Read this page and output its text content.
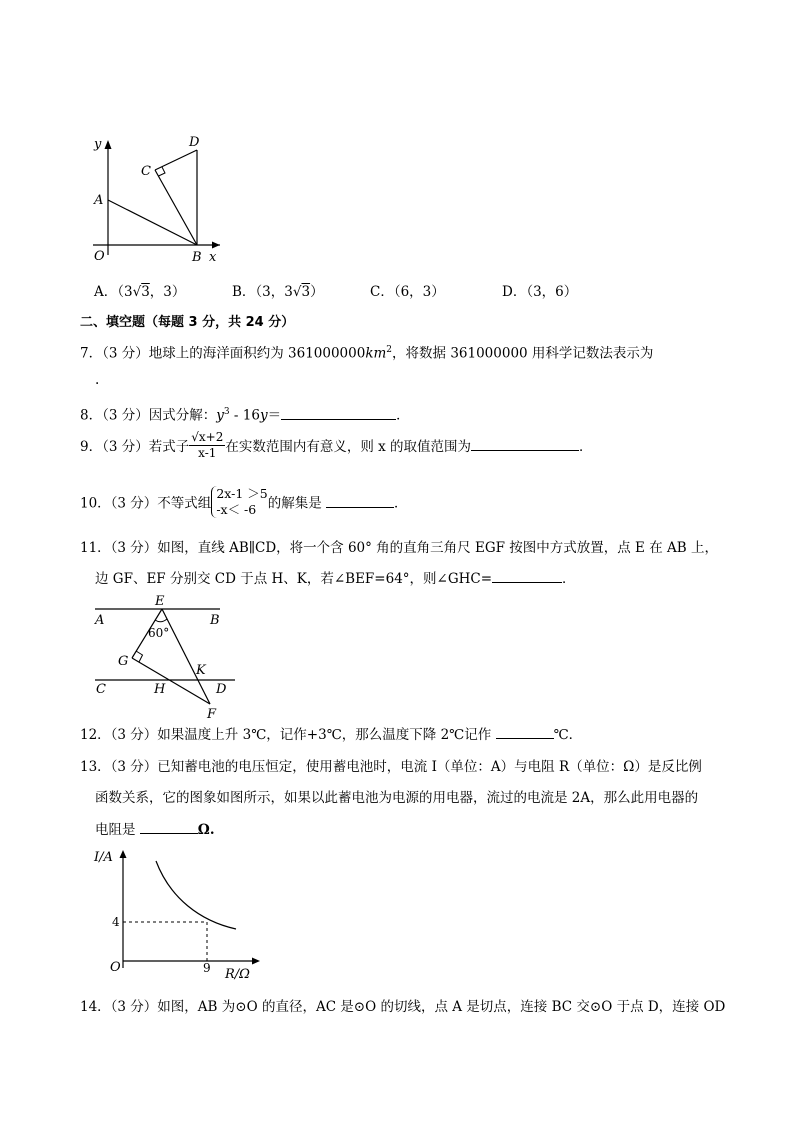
y
x
O
A
B
C
D
A．（3√3，3）	B．（3，3√3）	C．（6，3）	D．（3，6）
二、填空题（每题 3 分，共 24 分）
7．（3 分）地球上的海洋面积约为 $361000000km^2$，将数据 361000000 用科学记数法表示为
.
8．（3 分）因式分解：$y^3 - 16y=$	．
9．（3 分）若式子 $\frac{√x+2}{x-1}$ 在实数范围内有意义，则 x 的取值范围为	．
10．（3 分）不等式组
2x-1 ＞5
-x＜ -6 的解集是	．
11．（3 分）如图，直线 AB∥CD，将一个含 60° 角的直角三角尺 EGF 按图中方式放置，点 E 在 AB 上，
边 GF、EF 分别交 CD 于点 H、K，若∠BEF=64°，则∠GHC=	．
E
A	B
60°
G
K
C	H	D
F
12．（3 分）如果温度上升 3℃，记作+3℃，那么温度下降 2℃记作	℃．
13．（3 分）已知蓄电池的电压恒定，使用蓄电池时，电流 I（单位：A）与电阻 R（单位：Ω）是反比例
函数关系，它的图象如图所示，如果以此蓄电池为电源的用电器，流过的电流是 2A，那么此用电器的
电阻是	Ω.
I/A
R/Ω
O
4
9
14．（3 分）如图，AB 为⊙O 的直径，AC 是⊙O 的切线，点 A 是切点，连接 BC 交⊙O 于点 D，连接 OD
